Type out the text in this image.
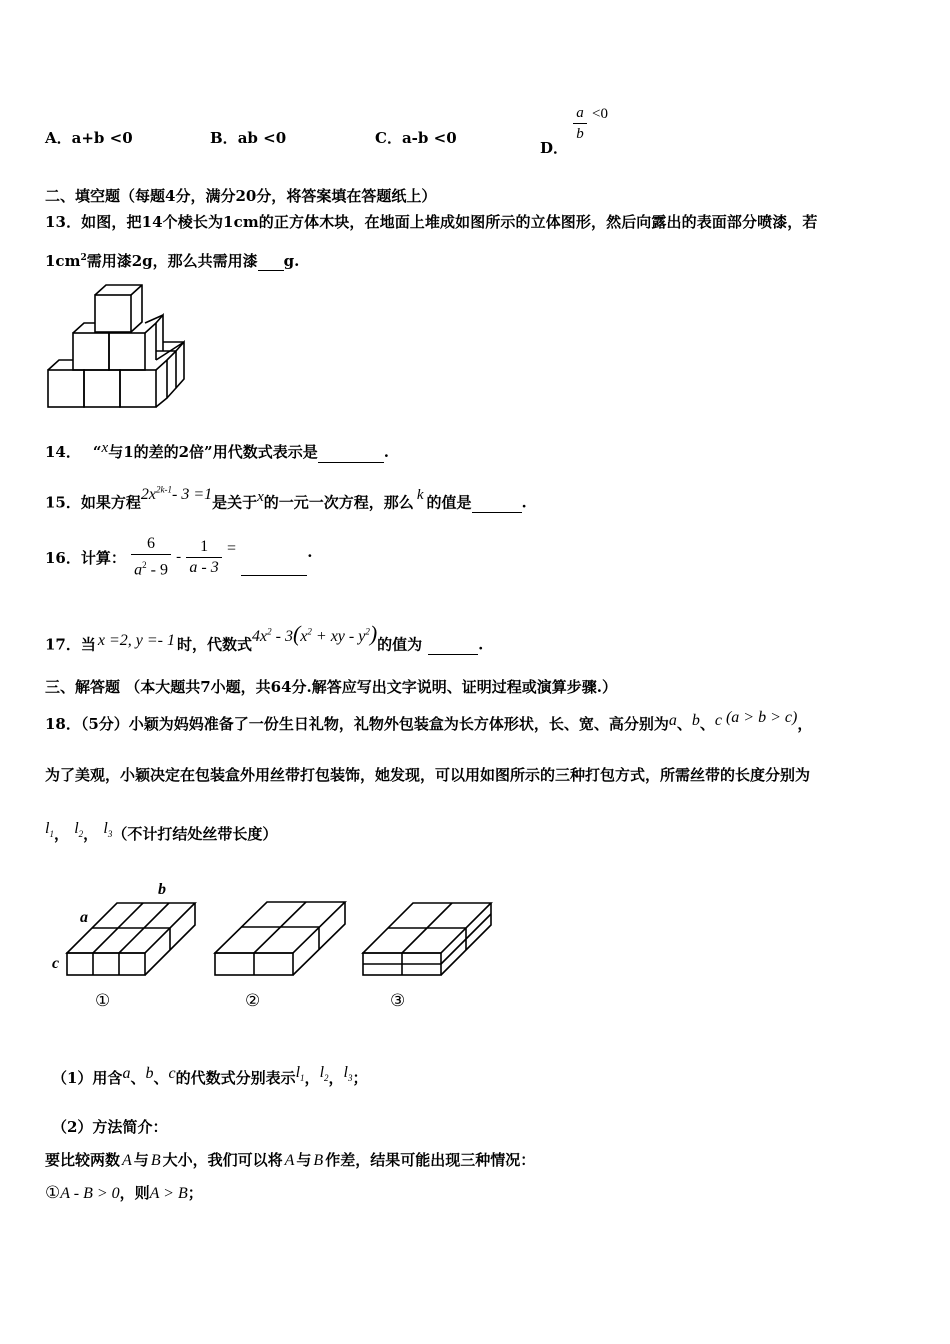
A．a+b <0	B．ab <0	C．a-b <0
D．
$\frac{a}{b} <0$
二、填空题（每题4分，满分20分，将答案填在答题纸上）
13．如图，把14个棱长为1cm的正方体木块，在地面上堆成如图所示的立体图形，然后向露出的表面部分喷漆，若
$1cm^2$需用漆2g，那么共需用漆 g.
14． “x与1的差的2倍”用代数式表示是	.
15．如果方程$2x^{2k-1}-$ 3 =1是关于x的一元一次方程，那么 k 的值是	.
16．计算： $\frac{6}{a^2 - 9} - \frac{1}{a - 3}$ =	.
17．当 x =2, y =- 1 时，代数式$4x^2 - 3(x^2$ + xy - $y^2$)的值为	.
三、解答题 （本大题共7小题，共64分.解答应写出文字说明、证明过程或演算步骤.）
18．（5分）小颖为妈妈准备了一份生日礼物，礼物外包装盒为长方体形状，长、宽、高分别为a、b、c (a > b > c)，
为了美观，小颖决定在包装盒外用丝带打包装饰，她发现，可以用如图所示的三种打包方式，所需丝带的长度分别为
$l_1$， $l_2$， $l_3$（不计打结处丝带长度）
b
a
c
①	②	③
（1）用含a、b、c的代数式分别表示$l_1$，$l_2$，$l_3$；
（2）方法简介：
要比较两数 A 与 B 大小，我们可以将 A 与 B 作差，结果可能出现三种情况：
①A - B > 0，则A > B；
